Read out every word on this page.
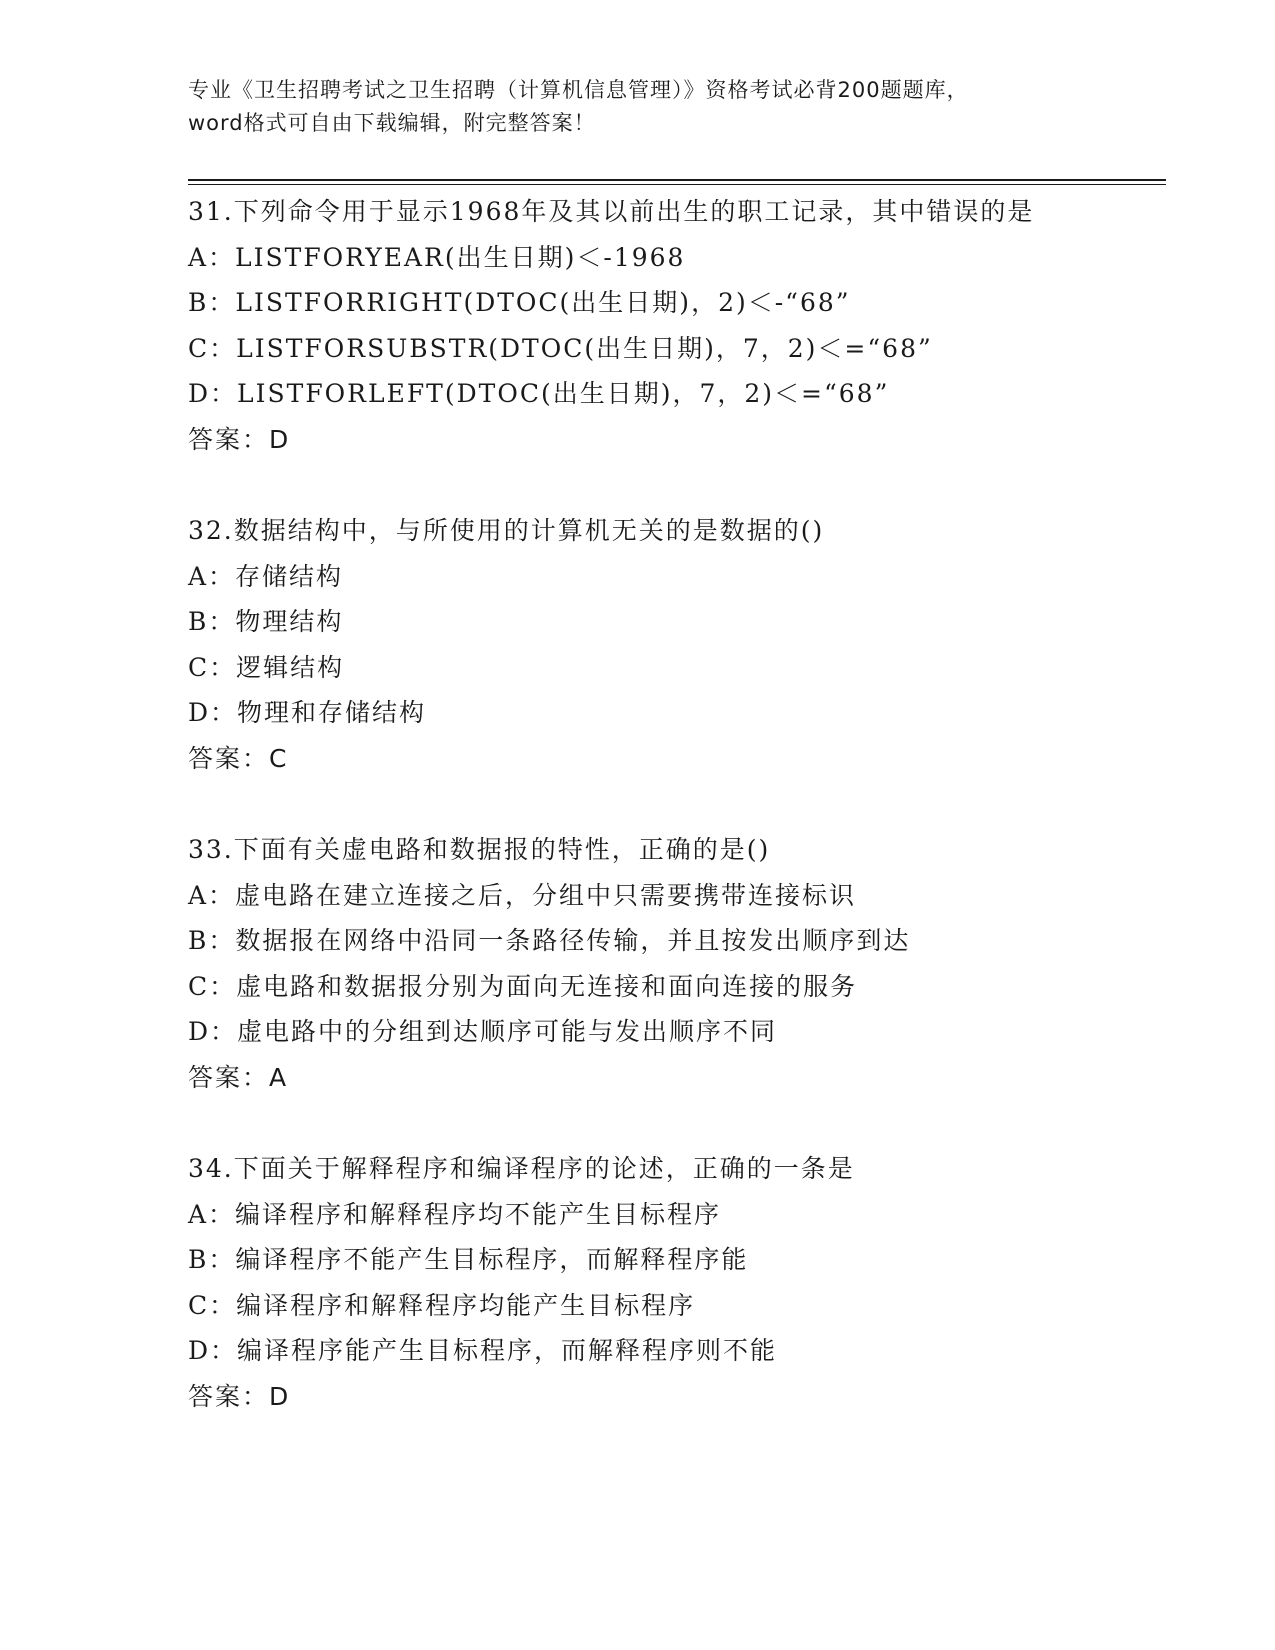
专业《卫生招聘考试之卫生招聘（计算机信息管理）》资格考试必背200题题库，
word格式可自由下载编辑，附完整答案！
31.下列命令用于显示1968年及其以前出生的职工记录，其中错误的是
A：LISTFORYEAR(出生日期)＜-1968
B：LISTFORRIGHT(DTOC(出生日期)，2)＜-“68”
C：LISTFORSUBSTR(DTOC(出生日期)，7，2)＜=“68”
D：LISTFORLEFT(DTOC(出生日期)，7，2)＜=“68”
答案：D
32.数据结构中，与所使用的计算机无关的是数据的()
A：存储结构
B：物理结构
C：逻辑结构
D：物理和存储结构
答案：C
33.下面有关虚电路和数据报的特性，正确的是()
A：虚电路在建立连接之后，分组中只需要携带连接标识
B：数据报在网络中沿同一条路径传输，并且按发出顺序到达
C：虚电路和数据报分别为面向无连接和面向连接的服务
D：虚电路中的分组到达顺序可能与发出顺序不同
答案：A
34.下面关于解释程序和编译程序的论述，正确的一条是
A：编译程序和解释程序均不能产生目标程序
B：编译程序不能产生目标程序，而解释程序能
C：编译程序和解释程序均能产生目标程序
D：编译程序能产生目标程序，而解释程序则不能
答案：D
